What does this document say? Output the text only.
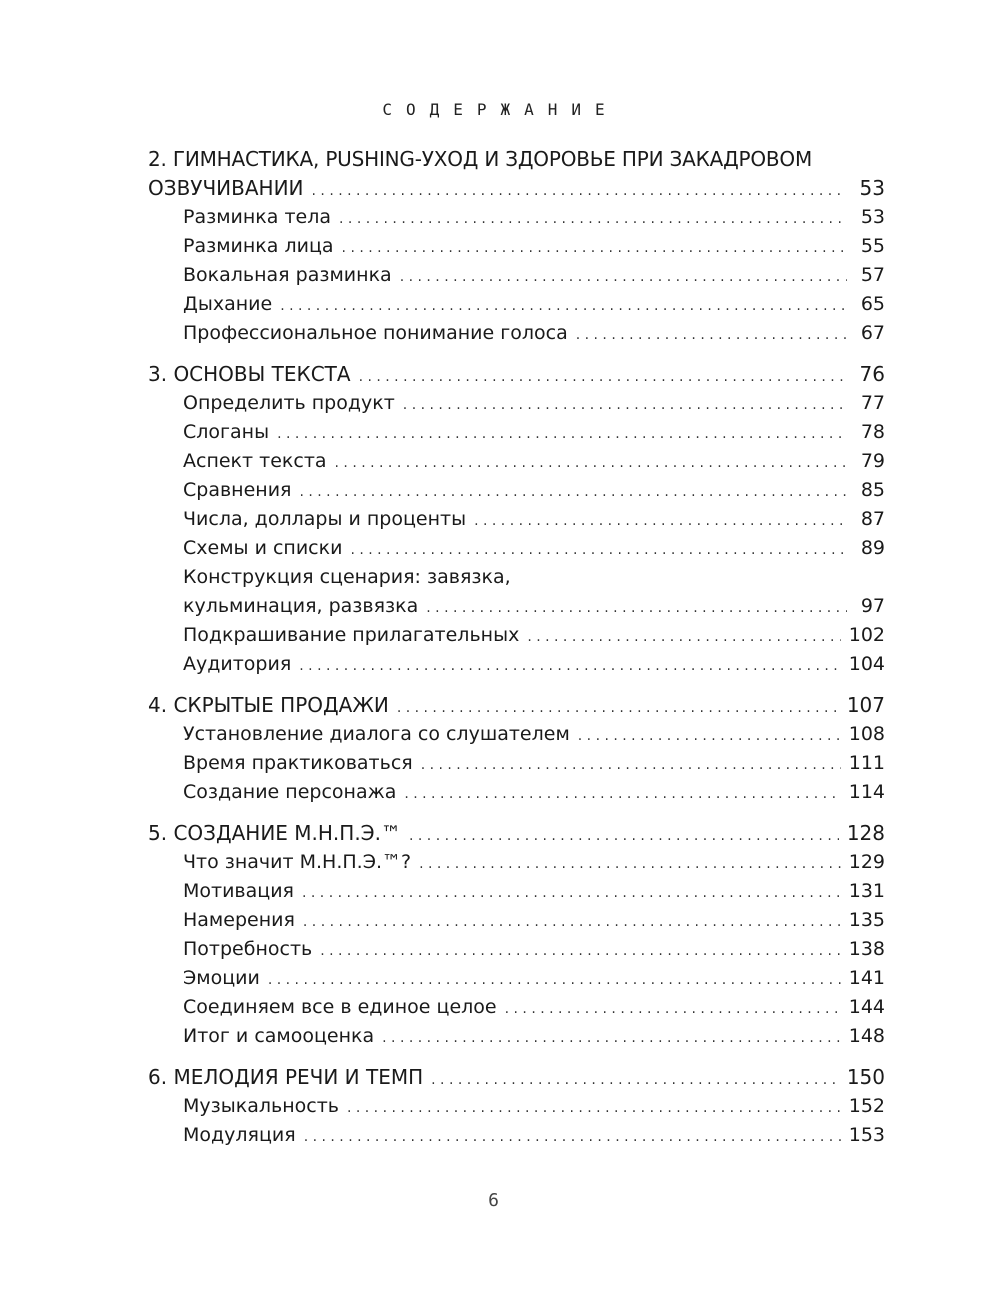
СОДЕРЖАНИЕ
2. ГИМНАСТИКА, PUSHING-УХОД И ЗДОРОВЬЕ ПРИ ЗАКАДРОВОМ
ОЗВУЧИВАНИИ . . .	53
Разминка тела . . .	53
Разминка лица . . .	55
Вокальная разминка . . .	57
Дыхание . . .	65
Профессиональное понимание голоса . . .	67
3. ОСНОВЫ ТЕКСТА . . .	76
Определить продукт . . .	77
Слоганы . . .	78
Аспект текста . . .	79
Сравнения . . .	85
Числа, доллары и проценты . . .	87
Схемы и списки . . .	89
Конструкция сценария: завязка,
кульминация, развязка . . .	97
Подкрашивание прилагательных . . .	102
Аудитория . . .	104
4. СКРЫТЫЕ ПРОДАЖИ . . .	107
Установление диалога со слушателем . . .	108
Время практиковаться . . .	111
Создание персонажа . . .	114
5. СОЗДАНИЕ М.Н.П.Э.™ . . .	128
Что значит М.Н.П.Э.™? . . .	129
Мотивация . . .	131
Намерения . . .	135
Потребность . . .	138
Эмоции . . .	141
Соединяем все в единое целое . . .	144
Итог и самооценка . . .	148
6. МЕЛОДИЯ РЕЧИ И ТЕМП . . .	150
Музыкальность . . .	152
Модуляция . . .	153
6
